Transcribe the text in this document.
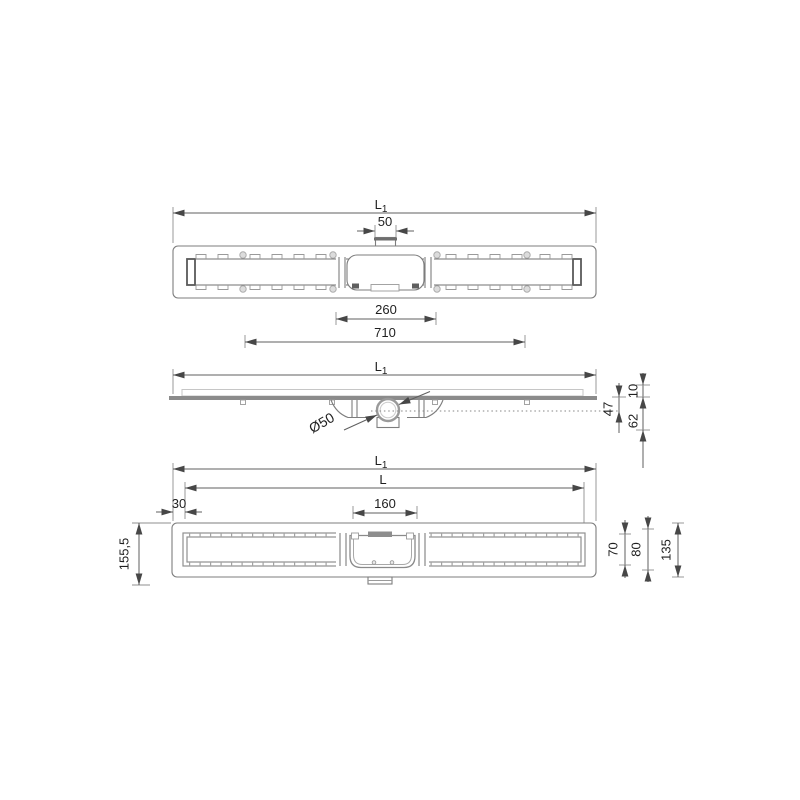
$L_1$
50
260
710
$L_1$
Ø50
47
10
62
$L_1$
L
30	160
155,5	70 80 135
